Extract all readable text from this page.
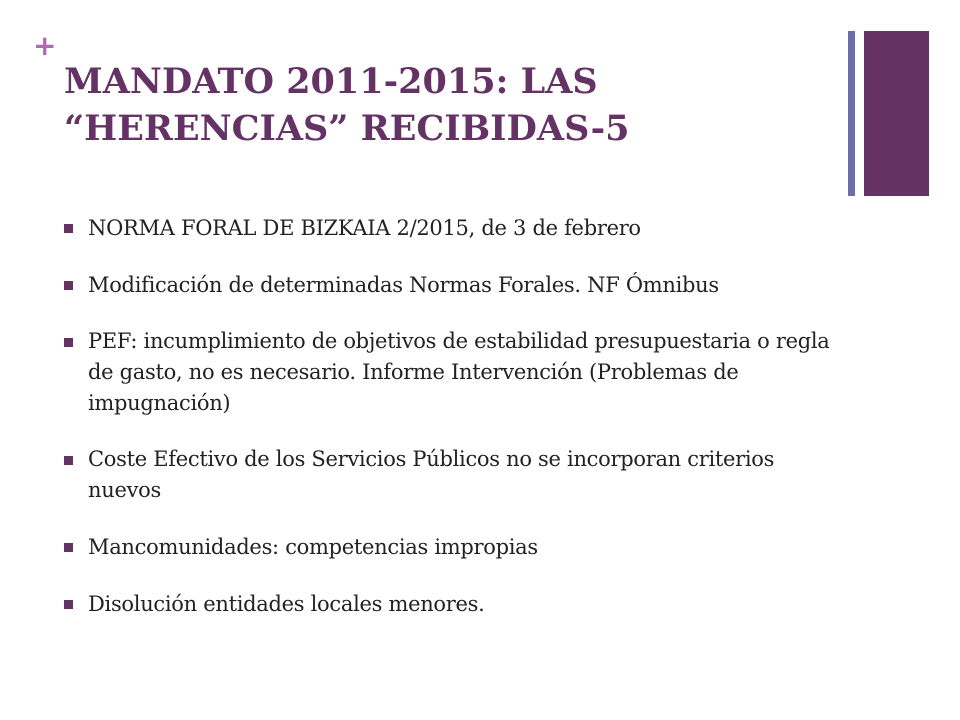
+
MANDATO 2011-2015: LAS
“HERENCIAS” RECIBIDAS-5
NORMA FORAL DE BIZKAIA 2/2015, de 3 de febrero
Modificación de determinadas Normas Forales. NF Ómnibus
PEF: incumplimiento de objetivos de estabilidad presupuestaria o regla de gasto, no es necesario. Informe Intervención (Problemas de impugnación)
Coste Efectivo de los Servicios Públicos no se incorporan criterios nuevos
Mancomunidades: competencias impropias
Disolución entidades locales menores.
